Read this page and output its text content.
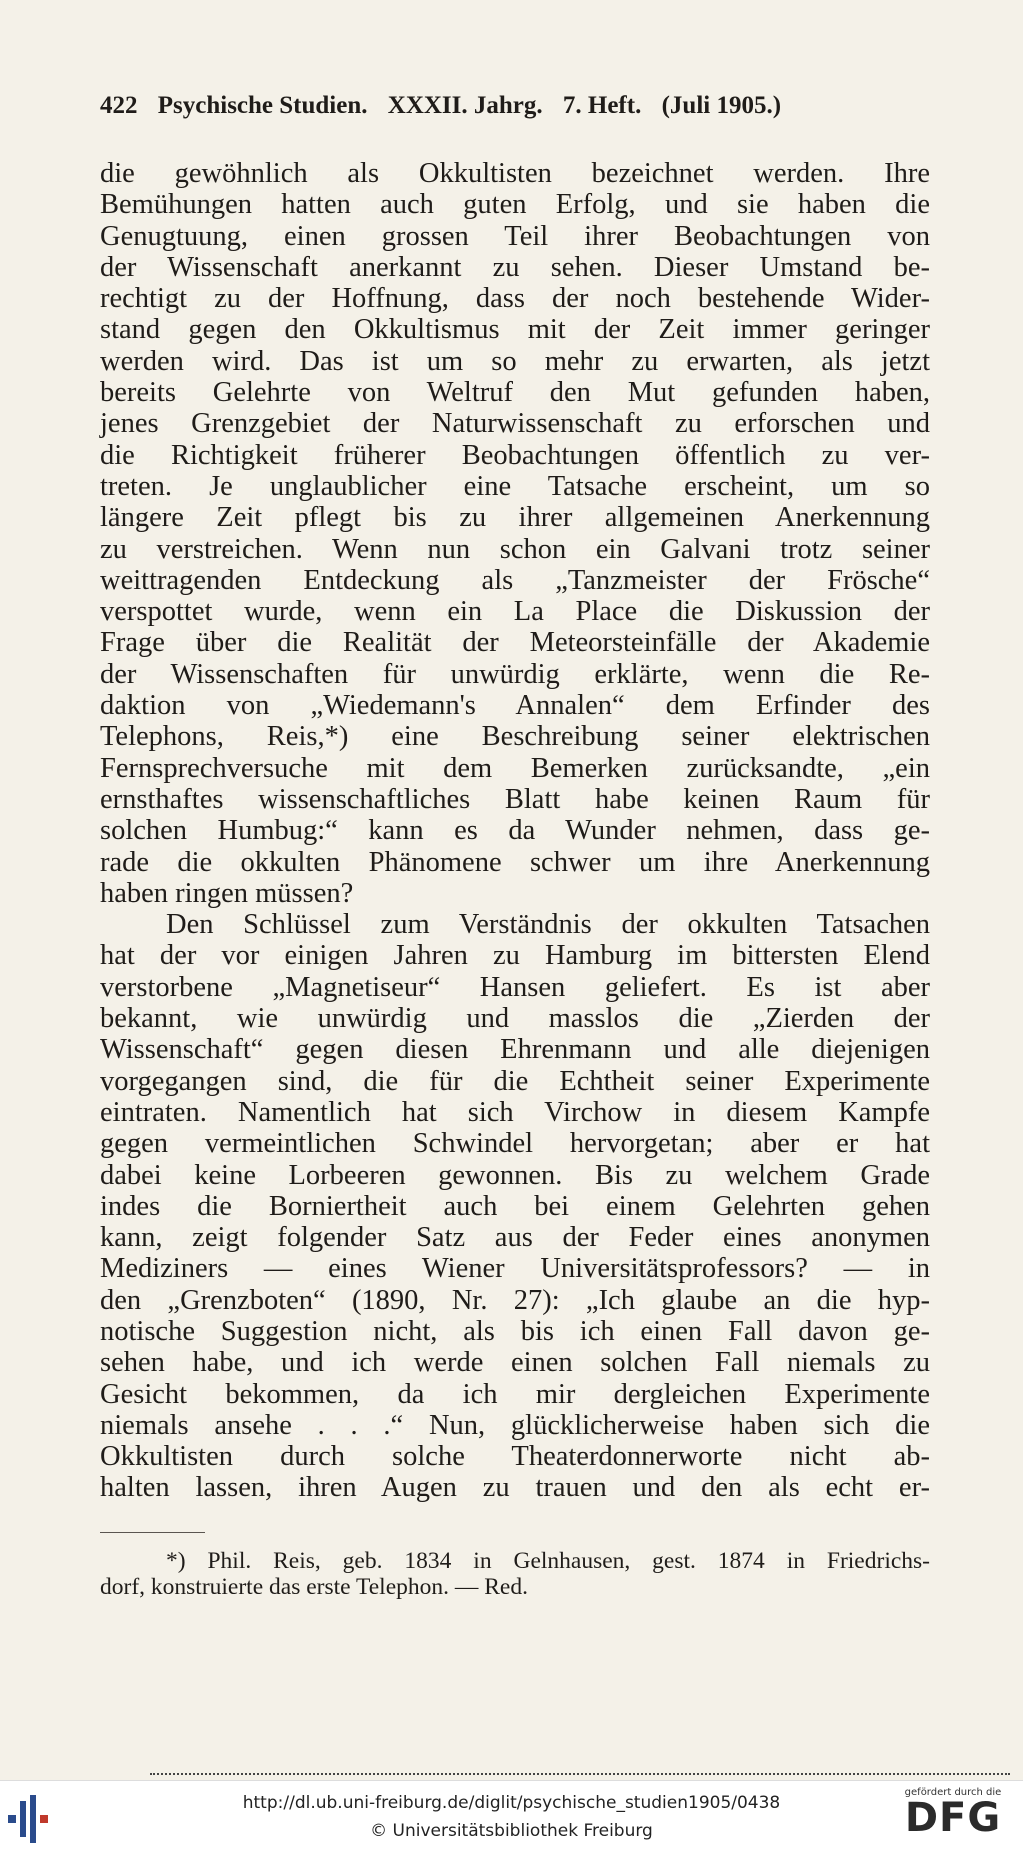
422 Psychische Studien. XXXII. Jahrg. 7. Heft. (Juli 1905.)
die gewöhnlich als Okkultisten bezeichnet werden. Ihre
Bemühungen hatten auch guten Erfolg, und sie haben die
Genugtuung, einen grossen Teil ihrer Beobachtungen von
der Wissenschaft anerkannt zu sehen. Dieser Umstand be-
rechtigt zu der Hoffnung, dass der noch bestehende Wider-
stand gegen den Okkultismus mit der Zeit immer geringer
werden wird. Das ist um so mehr zu erwarten, als jetzt
bereits Gelehrte von Weltruf den Mut gefunden haben,
jenes Grenzgebiet der Naturwissenschaft zu erforschen und
die Richtigkeit früherer Beobachtungen öffentlich zu ver-
treten. Je unglaublicher eine Tatsache erscheint, um so
längere Zeit pflegt bis zu ihrer allgemeinen Anerkennung
zu verstreichen. Wenn nun schon ein Galvani trotz seiner
weittragenden Entdeckung als „Tanzmeister der Frösche“
verspottet wurde, wenn ein La Place die Diskussion der
Frage über die Realität der Meteorsteinfälle der Akademie
der Wissenschaften für unwürdig erklärte, wenn die Re-
daktion von „Wiedemann's Annalen“ dem Erfinder des
Telephons, Reis,*) eine Beschreibung seiner elektrischen
Fernsprechversuche mit dem Bemerken zurücksandte, „ein
ernsthaftes wissenschaftliches Blatt habe keinen Raum für
solchen Humbug:“ kann es da Wunder nehmen, dass ge-
rade die okkulten Phänomene schwer um ihre Anerkennung
haben ringen müssen?
Den Schlüssel zum Verständnis der okkulten Tatsachen
hat der vor einigen Jahren zu Hamburg im bittersten Elend
verstorbene „Magnetiseur“ Hansen geliefert. Es ist aber
bekannt, wie unwürdig und masslos die „Zierden der
Wissenschaft“ gegen diesen Ehrenmann und alle diejenigen
vorgegangen sind, die für die Echtheit seiner Experimente
eintraten. Namentlich hat sich Virchow in diesem Kampfe
gegen vermeintlichen Schwindel hervorgetan; aber er hat
dabei keine Lorbeeren gewonnen. Bis zu welchem Grade
indes die Borniertheit auch bei einem Gelehrten gehen
kann, zeigt folgender Satz aus der Feder eines anonymen
Mediziners — eines Wiener Universitätsprofessors? — in
den „Grenzboten“ (1890, Nr. 27): „Ich glaube an die hyp-
notische Suggestion nicht, als bis ich einen Fall davon ge-
sehen habe, und ich werde einen solchen Fall niemals zu
Gesicht bekommen, da ich mir dergleichen Experimente
niemals ansehe . . .“ Nun, glücklicherweise haben sich die
Okkultisten durch solche Theaterdonnerworte nicht ab-
halten lassen, ihren Augen zu trauen und den als echt er-
*) Phil. Reis, geb. 1834 in Gelnhausen, gest. 1874 in Friedrichs-
dorf, konstruierte das erste Telephon. — Red.
http://dl.ub.uni-freiburg.de/diglit/psychische_studien1905/0438
© Universitätsbibliothek Freiburg
gefördert durch die
DFG
